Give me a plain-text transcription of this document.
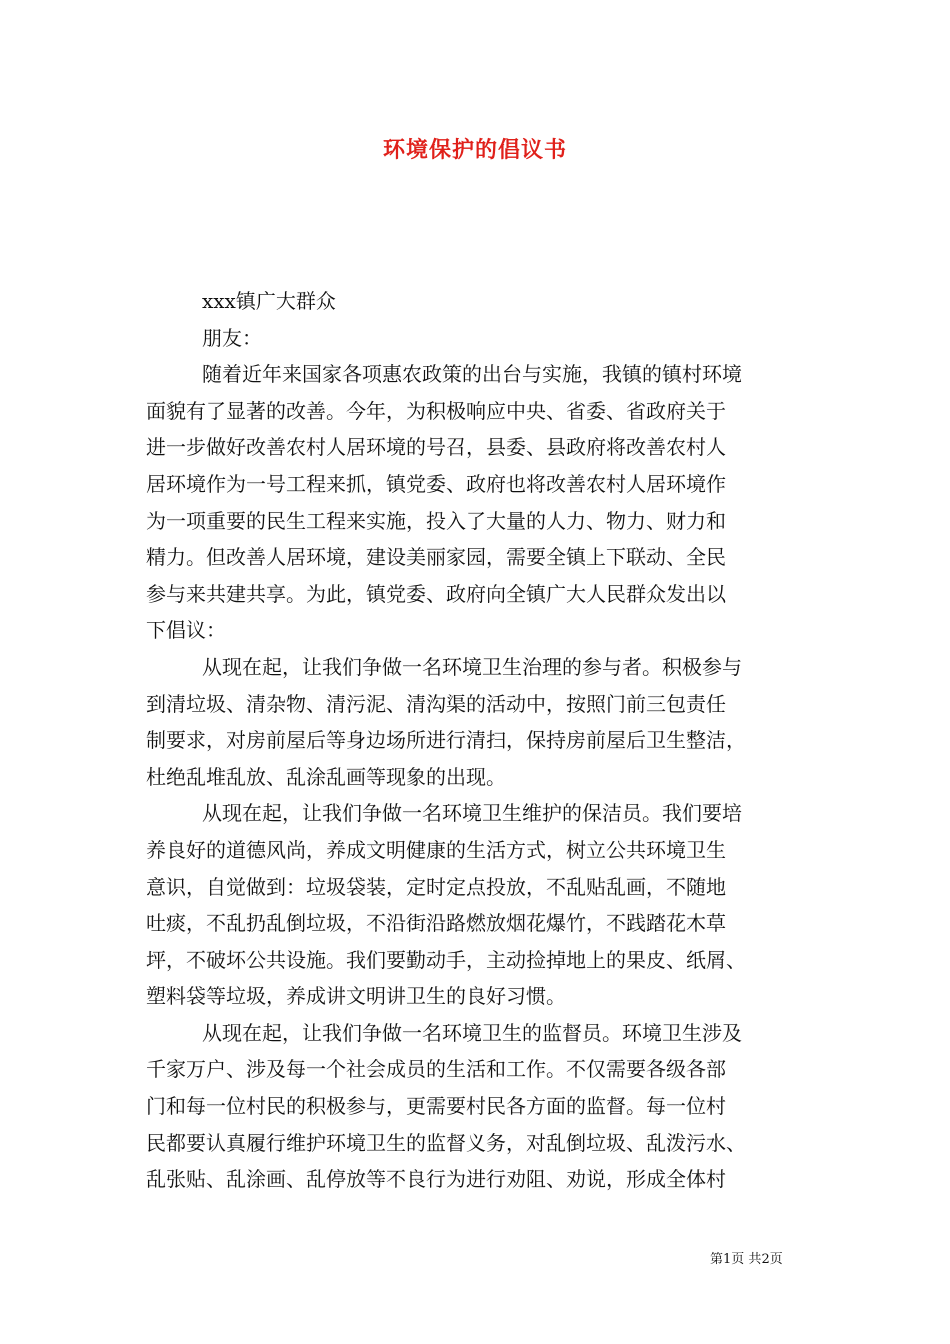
环境保护的倡议书
xxx镇广大群众
朋友：
随着近年来国家各项惠农政策的出台与实施，我镇的镇村环境
面貌有了显著的改善。今年，为积极响应中央、省委、省政府关于
进一步做好改善农村人居环境的号召，县委、县政府将改善农村人
居环境作为一号工程来抓，镇党委、政府也将改善农村人居环境作
为一项重要的民生工程来实施，投入了大量的人力、物力、财力和
精力。但改善人居环境，建设美丽家园，需要全镇上下联动、全民
参与来共建共享。为此，镇党委、政府向全镇广大人民群众发出以
下倡议：
从现在起，让我们争做一名环境卫生治理的参与者。积极参与
到清垃圾、清杂物、清污泥、清沟渠的活动中，按照门前三包责任
制要求，对房前屋后等身边场所进行清扫，保持房前屋后卫生整洁，
杜绝乱堆乱放、乱涂乱画等现象的出现。
从现在起，让我们争做一名环境卫生维护的保洁员。我们要培
养良好的道德风尚，养成文明健康的生活方式，树立公共环境卫生
意识，自觉做到：垃圾袋装，定时定点投放，不乱贴乱画，不随地
吐痰，不乱扔乱倒垃圾，不沿街沿路燃放烟花爆竹，不践踏花木草
坪，不破坏公共设施。我们要勤动手，主动捡掉地上的果皮、纸屑、
塑料袋等垃圾，养成讲文明讲卫生的良好习惯。
从现在起，让我们争做一名环境卫生的监督员。环境卫生涉及
千家万户、涉及每一个社会成员的生活和工作。不仅需要各级各部
门和每一位村民的积极参与，更需要村民各方面的监督。每一位村
民都要认真履行维护环境卫生的监督义务，对乱倒垃圾、乱泼污水、
乱张贴、乱涂画、乱停放等不良行为进行劝阻、劝说，形成全体村
第1页 共2页
